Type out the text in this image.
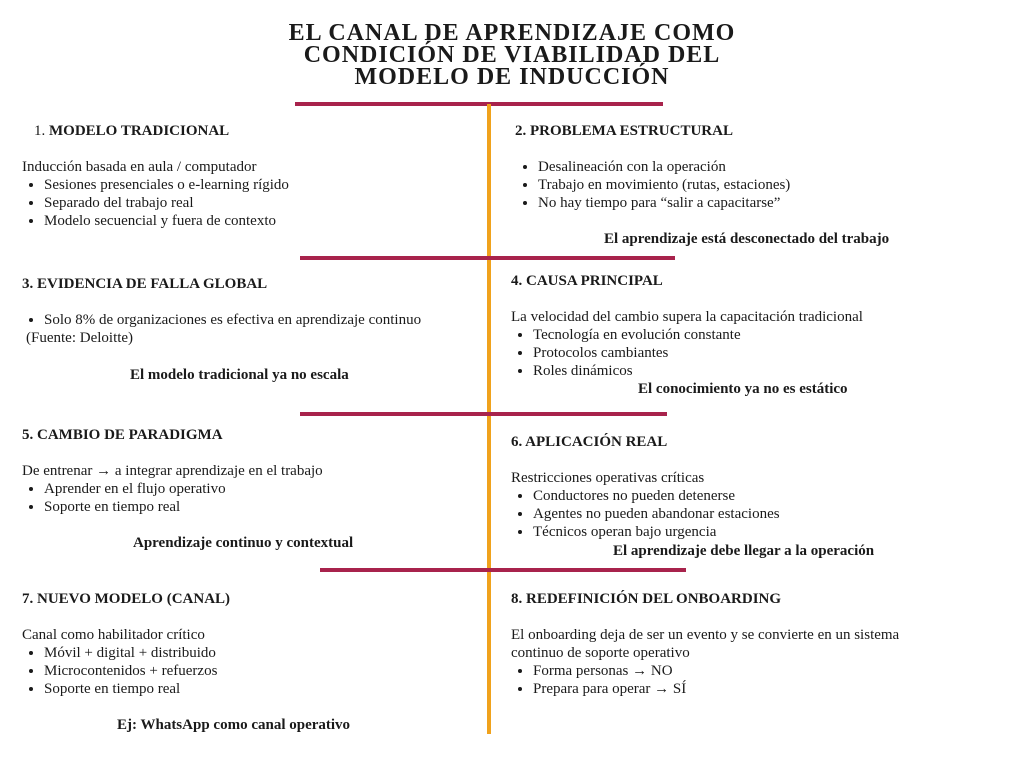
EL CANAL DE APRENDIZAJE COMO
CONDICIÓN DE VIABILIDAD DEL
MODELO DE INDUCCIÓN
1. MODELO TRADICIONAL

Inducción basada en aula / computador

• Sesiones presenciales o e-learning rígido
• Separado del trabajo real
• Modelo secuencial y fuera de contexto
2. PROBLEMA ESTRUCTURAL
• Desalineación con la operación
• Trabajo en movimiento (rutas, estaciones)
• No hay tiempo para “salir a capacitarse”
El aprendizaje está desconectado del trabajo
3. EVIDENCIA DE FALLA GLOBAL
• Solo 8% de organizaciones es efectiva en aprendizaje continuo

(Fuente: Deloitte)

El modelo tradicional ya no escala
4. CAUSA PRINCIPAL

La velocidad del cambio supera la capacitación tradicional

• Tecnología en evolución constante
• Protocolos cambiantes
• Roles dinámicos
El conocimiento ya no es estático
5. CAMBIO DE PARADIGMA

De entrenar → a integrar aprendizaje en el trabajo

• Aprender en el flujo operativo
• Soporte en tiempo real
Aprendizaje continuo y contextual
6. APLICACIÓN REAL

Restricciones operativas críticas

• Conductores no pueden detenerse
• Agentes no pueden abandonar estaciones
• Técnicos operan bajo urgencia
El aprendizaje debe llegar a la operación
7. NUEVO MODELO (CANAL)

Canal como habilitador crítico

• Móvil + digital + distribuido
• Microcontenidos + refuerzos
• Soporte en tiempo real
Ej: WhatsApp como canal operativo
8. REDEFINICIÓN DEL ONBOARDING

El onboarding deja de ser un evento y se convierte en un sistema

continuo de soporte operativo

• Forma personas → NO
• Prepara para operar → SÍ
